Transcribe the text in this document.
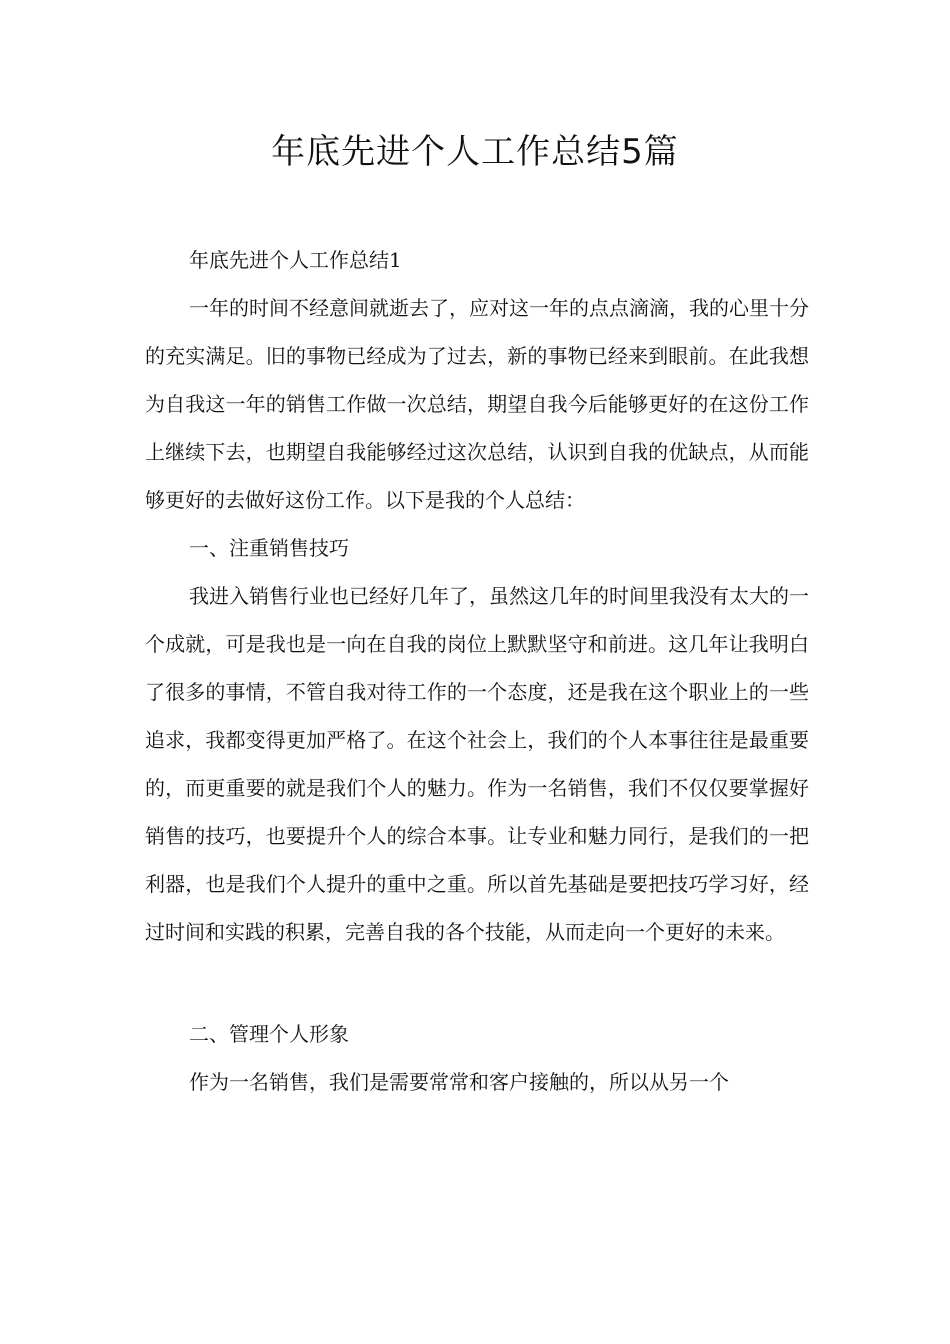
年底先进个人工作总结5篇

年底先进个人工作总结1

一年的时间不经意间就逝去了，应对这一年的点点滴滴，我的心里十分的充实满足。旧的事物已经成为了过去，新的事物已经来到眼前。在此我想为自我这一年的销售工作做一次总结，期望自我今后能够更好的在这份工作上继续下去，也期望自我能够经过这次总结，认识到自我的优缺点，从而能够更好的去做好这份工作。以下是我的个人总结：

一、注重销售技巧

我进入销售行业也已经好几年了，虽然这几年的时间里我没有太大的一个成就，可是我也是一向在自我的岗位上默默坚守和前进。这几年让我明白了很多的事情，不管自我对待工作的一个态度，还是我在这个职业上的一些追求，我都变得更加严格了。在这个社会上，我们的个人本事往往是最重要的，而更重要的就是我们个人的魅力。作为一名销售，我们不仅仅要掌握好销售的技巧，也要提升个人的综合本事。让专业和魅力同行，是我们的一把利器，也是我们个人提升的重中之重。所以首先基础是要把技巧学习好，经过时间和实践的积累，完善自我的各个技能，从而走向一个更好的未来。

二、管理个人形象

作为一名销售，我们是需要常常和客户接触的，所以从另一个
